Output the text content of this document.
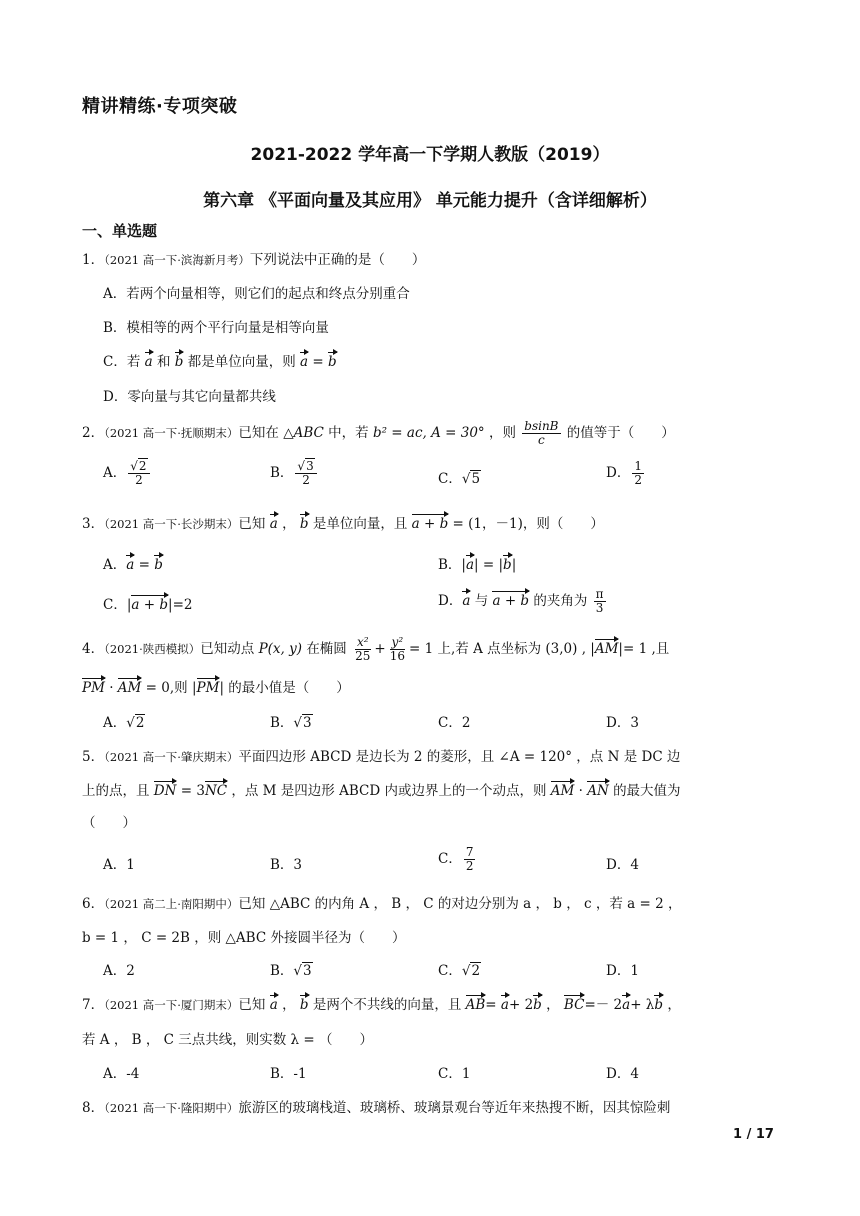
精讲精练·专项突破
2021-2022 学年高一下学期人教版（2019）
第六章 《平面向量及其应用》 单元能力提升（含详细解析）
一、单选题
1．（2021 高一下·滨海新月考）下列说法中正确的是（　　）
A．若两个向量相等，则它们的起点和终点分别重合
B．模相等的两个平行向量是相等向量
C．若 a 和 b 都是单位向量，则 a = b
D．零向量与其它向量都共线
2．（2021 高一下·抚顺期末）已知在 △ABC 中，若 b² = ac, A = 30° ，则 $\frac{bsinB}{c}$ 的值等于（　　）
A． $\frac{√2}{2}$	B． $\frac{√3}{2}$	C．√5	D． $\frac{1}{2}$
3．（2021 高一下·长沙期末）已知 a ， b 是单位向量，且 a + b = (1，－1)，则（　　）
A．a = b	B．|a| = |b|
C．|a + b|=2	D．a 与 a + b 的夹角为 $\frac{\pi}{3}$
4．（2021·陕西模拟）已知动点 P(x, y) 在椭圆 $\frac{\text{x²}}{25} + \frac{\text{y²}}{16} = 1$ 上,若 A 点坐标为 (3,0) , |AM|= 1 ,且
PM · AM = 0,则 |PM| 的最小值是（　　）
A．√2	B．√3	C．2	D．3
5．（2021 高一下·肇庆期末）平面四边形 ABCD 是边长为 2 的菱形，且 ∠A = 120° ，点 N 是 DC 边
上的点，且 DN = 3NC ，点 M 是四边形 ABCD 内或边界上的一个动点，则 AM · AN 的最大值为
（　　）
A．1	B．3	C． $\frac{7}{2}$	D．4
6．（2021 高二上·南阳期中）已知 △ABC 的内角 A ， B ， C 的对边分别为 a ， b ， c ，若 a = 2 ，
b = 1 ， C = 2B ，则 △ABC 外接圆半径为（　　）
A．2	B．√3	C．√2	D．1
7．（2021 高一下·厦门期末）已知 a ， b 是两个不共线的向量，且 AB= a+ 2b ， BC=－ 2a+ λb ，
若 A ， B ， C 三点共线，则实数 λ = （　　）
A．-4	B．-1	C．1	D．4
8．（2021 高一下·隆阳期中）旅游区的玻璃栈道、玻璃桥、玻璃景观台等近年来热搜不断，因其惊险刺
1 / 17
